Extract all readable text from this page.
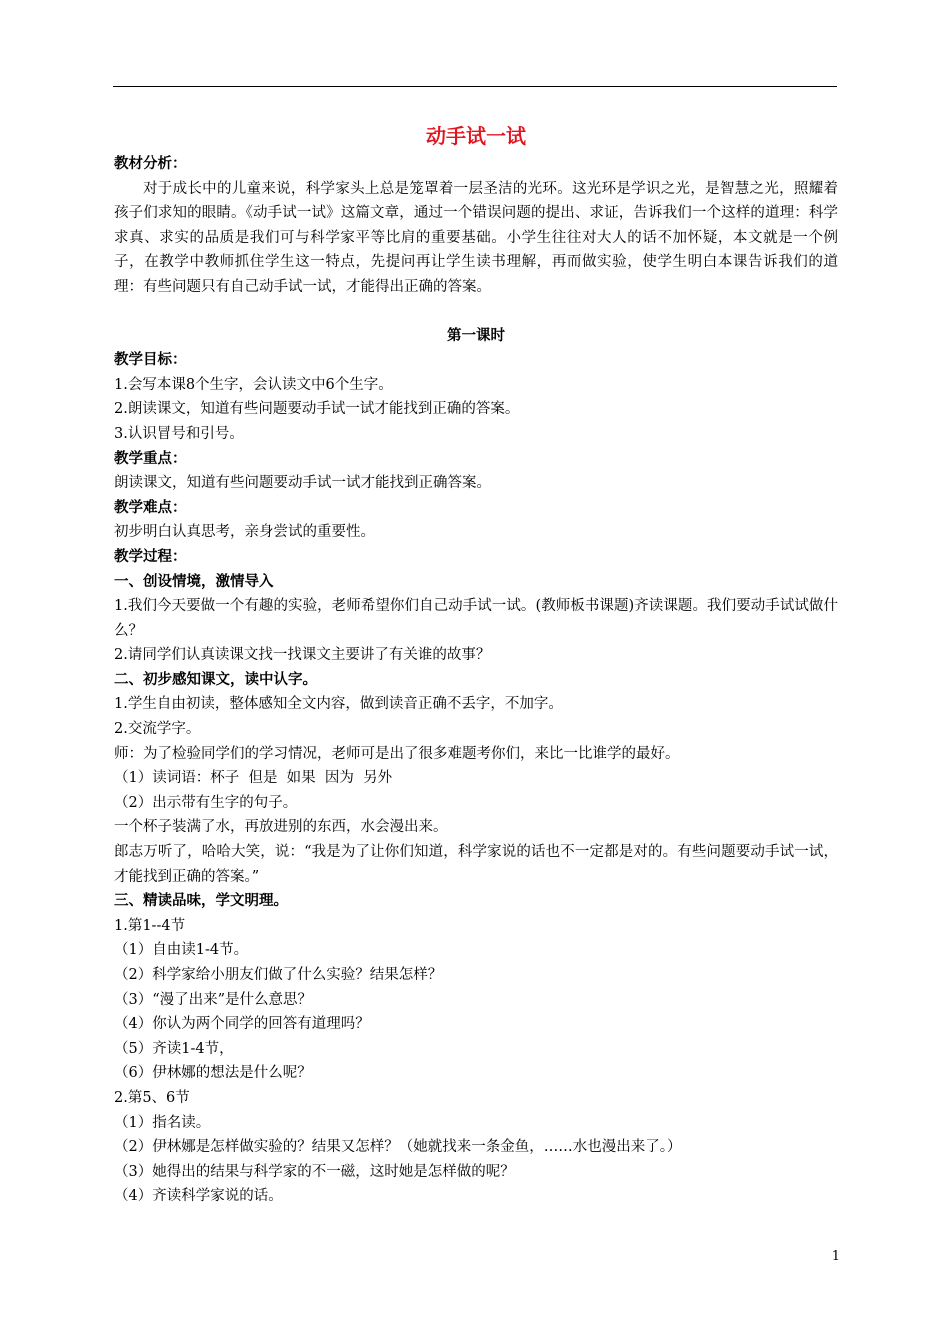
动手试一试
教材分析：
对于成长中的儿童来说，科学家头上总是笼罩着一层圣洁的光环。这光环是学识之光，是智慧之光，照耀着孩子们求知的眼睛。《动手试一试》这篇文章，通过一个错误问题的提出、求证，告诉我们一个这样的道理：科学求真、求实的品质是我们可与科学家平等比肩的重要基础。小学生往往对大人的话不加怀疑，本文就是一个例子，在教学中教师抓住学生这一特点，先提问再让学生读书理解，再而做实验，使学生明白本课告诉我们的道理：有些问题只有自己动手试一试，才能得出正确的答案。
第一课时
教学目标：
1.会写本课8个生字，会认读文中6个生字。
2.朗读课文，知道有些问题要动手试一试才能找到正确的答案。
3.认识冒号和引号。
教学重点：
朗读课文，知道有些问题要动手试一试才能找到正确答案。
教学难点：
初步明白认真思考，亲身尝试的重要性。
教学过程：
一、创设情境，激情导入
1.我们今天要做一个有趣的实验，老师希望你们自己动手试一试。(教师板书课题)齐读课题。我们要动手试试做什么？
2.请同学们认真读课文找一找课文主要讲了有关谁的故事？
二、初步感知课文，读中认字。
1.学生自由初读，整体感知全文内容，做到读音正确不丢字，不加字。
2.交流学字。
师：为了检验同学们的学习情况，老师可是出了很多难题考你们，来比一比谁学的最好。
（1）读词语：杯子  但是  如果  因为  另外
（2）出示带有生字的句子。
一个杯子装满了水，再放进别的东西，水会漫出来。
郎志万听了，哈哈大笑，说：“我是为了让你们知道，科学家说的话也不一定都是对的。有些问题要动手试一试，才能找到正确的答案。”
三、精读品味，学文明理。
1.第1--4节
（1）自由读1-4节。
（2）科学家给小朋友们做了什么实验？结果怎样？
（3）“漫了出来”是什么意思？
（4）你认为两个同学的回答有道理吗？
（5）齐读1-4节，
（6）伊林娜的想法是什么呢？
2.第5、6节
（1）指名读。
（2）伊林娜是怎样做实验的？结果又怎样？（她就找来一条金鱼，……水也漫出来了。）
（3）她得出的结果与科学家的不一磁，这时她是怎样做的呢？
（4）齐读科学家说的话。
1
